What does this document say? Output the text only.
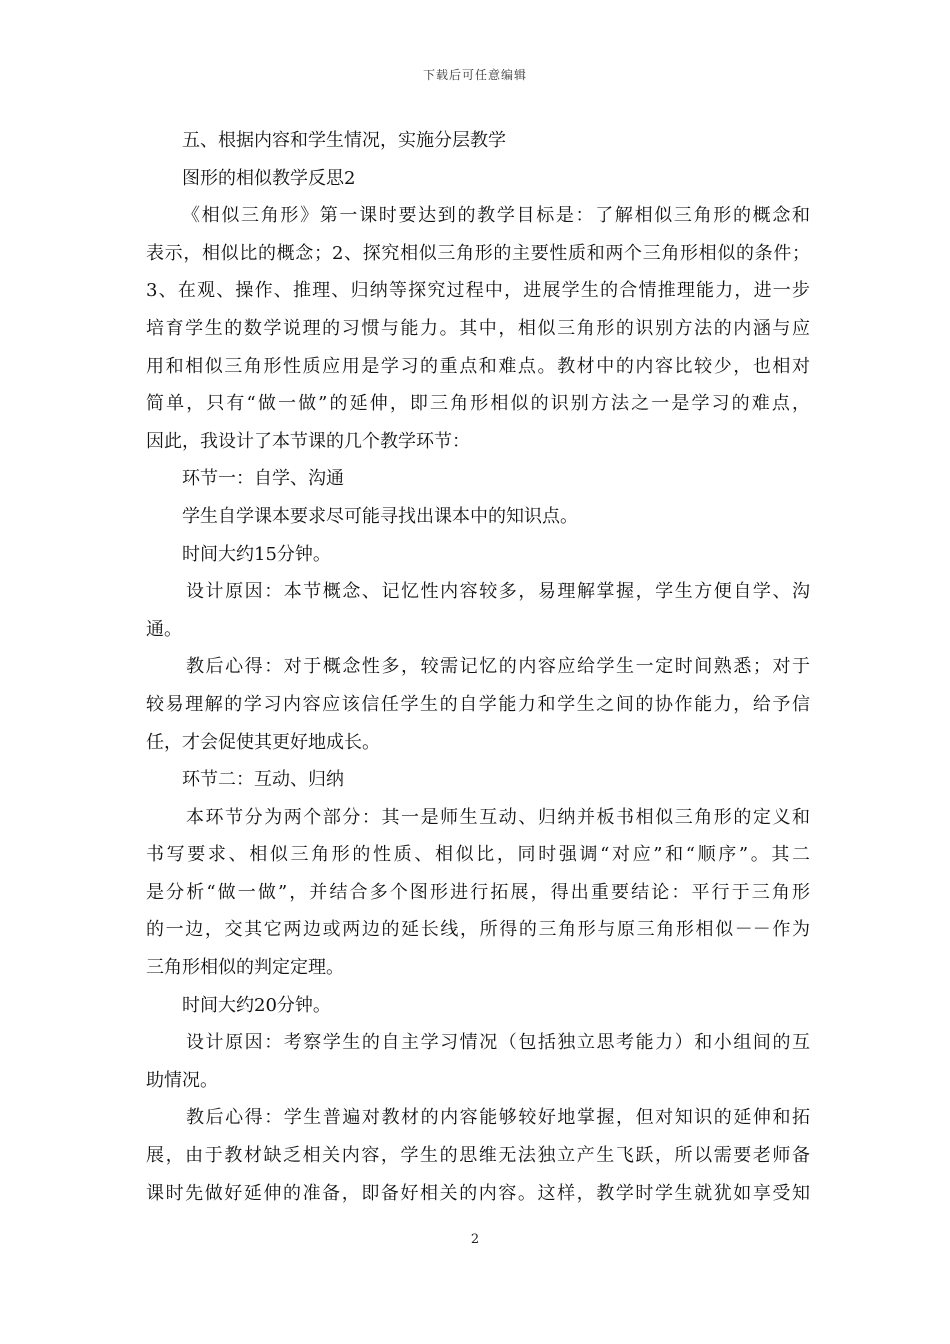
下载后可任意编辑
五、根据内容和学生情况，实施分层教学
图形的相似教学反思2
《相似三角形》第一课时要达到的教学目标是：了解相似三角形的概念和
表示，相似比的概念；2、探究相似三角形的主要性质和两个三角形相似的条件；
3、在观、操作、推理、归纳等探究过程中，进展学生的合情推理能力，进一步
培育学生的数学说理的习惯与能力。其中，相似三角形的识别方法的内涵与应
用和相似三角形性质应用是学习的重点和难点。教材中的内容比较少，也相对
简单，只有“做一做”的延伸，即三角形相似的识别方法之一是学习的难点，
因此，我设计了本节课的几个教学环节：
环节一：自学、沟通
学生自学课本要求尽可能寻找出课本中的知识点。
时间大约15分钟。
设计原因：本节概念、记忆性内容较多，易理解掌握，学生方便自学、沟
通。
教后心得：对于概念性多，较需记忆的内容应给学生一定时间熟悉；对于
较易理解的学习内容应该信任学生的自学能力和学生之间的协作能力，给予信
任，才会促使其更好地成长。
环节二：互动、归纳
本环节分为两个部分：其一是师生互动、归纳并板书相似三角形的定义和
书写要求、相似三角形的性质、相似比，同时强调“对应”和“顺序”。其二
是分析“做一做”，并结合多个图形进行拓展，得出重要结论：平行于三角形
的一边，交其它两边或两边的延长线，所得的三角形与原三角形相似－－作为
三角形相似的判定定理。
时间大约20分钟。
设计原因：考察学生的自主学习情况（包括独立思考能力）和小组间的互
助情况。
教后心得：学生普遍对教材的内容能够较好地掌握，但对知识的延伸和拓
展，由于教材缺乏相关内容，学生的思维无法独立产生飞跃，所以需要老师备
课时先做好延伸的准备，即备好相关的内容。这样，教学时学生就犹如享受知
2
